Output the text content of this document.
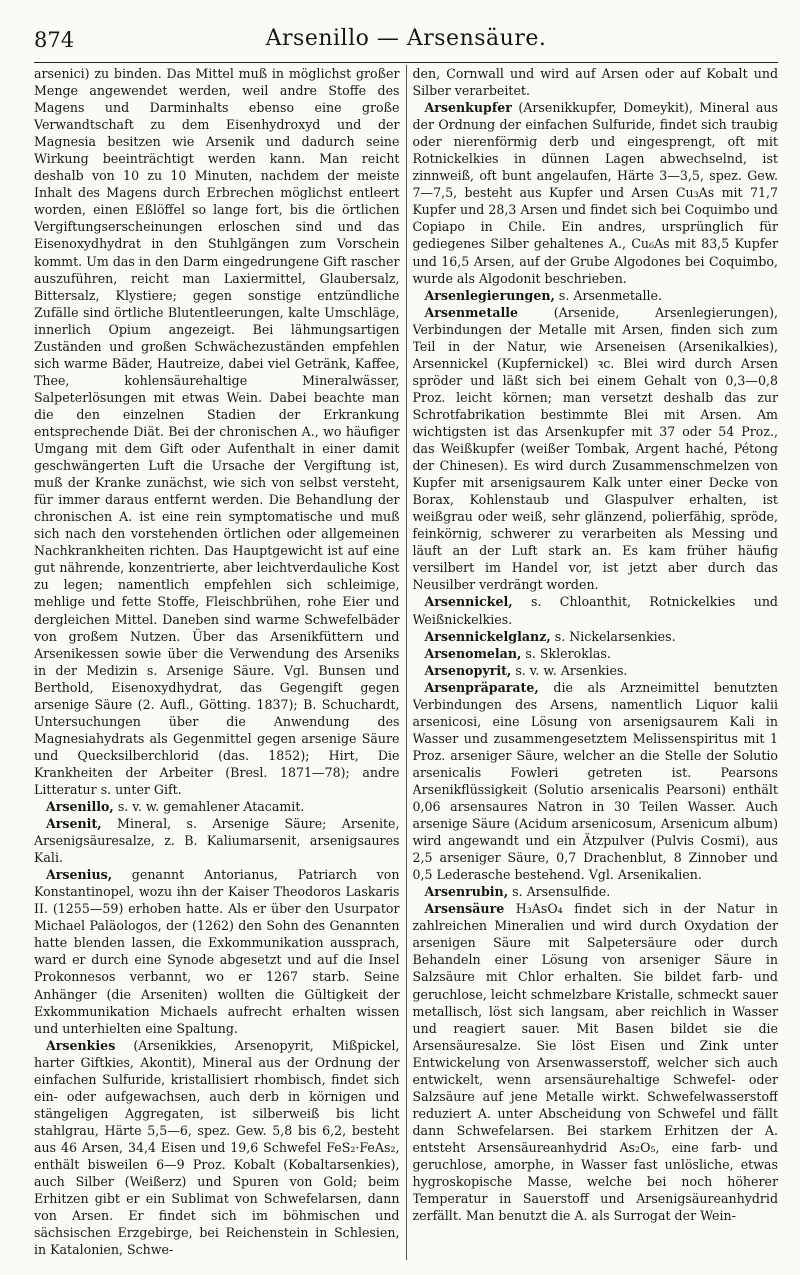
874	Arsenillo — Arsensäure.

arsenici) zu binden. Das Mittel muß in möglichst großer Menge angewendet werden, weil andre Stoffe des Magens und Darminhalts ebenso eine große Verwandtschaft zu dem Eisenhydroxyd und der Magnesia besitzen wie Arsenik und dadurch seine Wirkung beeinträchtigt werden kann. Man reicht deshalb von 10 zu 10 Minuten, nachdem der meiste Inhalt des Magens durch Erbrechen möglichst entleert worden, einen Eßlöffel so lange fort, bis die örtlichen Vergiftungserscheinungen erloschen sind und das Eisenoxydhydrat in den Stuhlgängen zum Vorschein kommt. Um das in den Darm eingedrungene Gift rascher auszuführen, reicht man Laxiermittel, Glaubersalz, Bittersalz, Klystiere; gegen sonstige entzündliche Zufälle sind örtliche Blutentleerungen, kalte Umschläge, innerlich Opium angezeigt. Bei lähmungsartigen Zuständen und großen Schwächezuständen empfehlen sich warme Bäder, Hautreize, dabei viel Getränk, Kaffee, Thee, kohlensäurehaltige Mineralwässer, Salpeterlösungen mit etwas Wein. Dabei beachte man die den einzelnen Stadien der Erkrankung entsprechende Diät. Bei der chronischen A., wo häufiger Umgang mit dem Gift oder Aufenthalt in einer damit geschwängerten Luft die Ursache der Vergiftung ist, muß der Kranke zunächst, wie sich von selbst versteht, für immer daraus entfernt werden. Die Behandlung der chronischen A. ist eine rein symptomatische und muß sich nach den vorstehenden örtlichen oder allgemeinen Nachkrankheiten richten. Das Hauptgewicht ist auf eine gut nährende, konzentrierte, aber leichtverdauliche Kost zu legen; namentlich empfehlen sich schleimige, mehlige und fette Stoffe, Fleischbrühen, rohe Eier und dergleichen Mittel. Daneben sind warme Schwefelbäder von großem Nutzen. Über das Arsenikfüttern und Arsenikessen sowie über die Verwendung des Arseniks in der Medizin s. Arsenige Säure. Vgl. Bunsen und Berthold, Eisenoxydhydrat, das Gegengift gegen arsenige Säure (2. Aufl., Götting. 1837); B. Schuchardt, Untersuchungen über die Anwendung des Magnesiahydrats als Gegenmittel gegen arsenige Säure und Quecksilberchlorid (das. 1852); Hirt, Die Krankheiten der Arbeiter (Bresl. 1871—78); andre Litteratur s. unter Gift.

Arsenillo, s. v. w. gemahlener Atacamit.

Arsenit, Mineral, s. Arsenige Säure; Arsenite, Arsenigsäuresalze, z. B. Kaliumarsenit, arsenigsaures Kali.

Arsenius, genannt Antorianus, Patriarch von Konstantinopel, wozu ihn der Kaiser Theodoros Laskaris II. (1255—59) erhoben hatte. Als er über den Usurpator Michael Paläologos, der (1262) den Sohn des Genannten hatte blenden lassen, die Exkommunikation aussprach, ward er durch eine Synode abgesetzt und auf die Insel Prokonnesos verbannt, wo er 1267 starb. Seine Anhänger (die Arseniten) wollten die Gültigkeit der Exkommunikation Michaels aufrecht erhalten wissen und unterhielten eine Spaltung.

Arsenkies (Arsenikkies, Arsenopyrit, Mißpickel, harter Giftkies, Akontit), Mineral aus der Ordnung der einfachen Sulfuride, kristallisiert rhombisch, findet sich ein- oder aufgewachsen, auch derb in körnigen und stängeligen Aggregaten, ist silberweiß bis licht stahlgrau, Härte 5,5—6, spez. Gew. 5,8 bis 6,2, besteht aus 46 Arsen, 34,4 Eisen und 19,6 Schwefel FeS₂·FeAs₂, enthält bisweilen 6—9 Proz. Kobalt (Kobaltarsenkies), auch Silber (Weißerz) und Spuren von Gold; beim Erhitzen gibt er ein Sublimat von Schwefelarsen, dann von Arsen. Er findet sich im böhmischen und sächsischen Erzgebirge, bei Reichenstein in Schlesien, in Katalonien, Schwe-

den, Cornwall und wird auf Arsen oder auf Kobalt und Silber verarbeitet.

Arsenkupfer (Arsenikkupfer, Domeykit), Mineral aus der Ordnung der einfachen Sulfuride, findet sich traubig oder nierenförmig derb und eingesprengt, oft mit Rotnickelkies in dünnen Lagen abwechselnd, ist zinnweiß, oft bunt angelaufen, Härte 3—3,5, spez. Gew. 7—7,5, besteht aus Kupfer und Arsen Cu₃As mit 71,7 Kupfer und 28,3 Arsen und findet sich bei Coquimbo und Copiapo in Chile. Ein andres, ursprünglich für gediegenes Silber gehaltenes A., Cu₆As mit 83,5 Kupfer und 16,5 Arsen, auf der Grube Algodones bei Coquimbo, wurde als Algodonit beschrieben.

Arsenlegierungen, s. Arsenmetalle.

Arsenmetalle (Arsenide, Arsenlegierungen), Verbindungen der Metalle mit Arsen, finden sich zum Teil in der Natur, wie Arseneisen (Arsenikalkies), Arsennickel (Kupfernickel) ꝛc. Blei wird durch Arsen spröder und läßt sich bei einem Gehalt von 0,3—0,8 Proz. leicht körnen; man versetzt deshalb das zur Schrotfabrikation bestimmte Blei mit Arsen. Am wichtigsten ist das Arsenkupfer mit 37 oder 54 Proz., das Weißkupfer (weißer Tombak, Argent haché, Pétong der Chinesen). Es wird durch Zusammenschmelzen von Kupfer mit arsenigsaurem Kalk unter einer Decke von Borax, Kohlenstaub und Glaspulver erhalten, ist weißgrau oder weiß, sehr glänzend, polierfähig, spröde, feinkörnig, schwerer zu verarbeiten als Messing und läuft an der Luft stark an. Es kam früher häufig versilbert im Handel vor, ist jetzt aber durch das Neusilber verdrängt worden.

Arsennickel, s. Chloanthit, Rotnickelkies und Weißnickelkies.

Arsennickelglanz, s. Nickelarsenkies.

Arsenomelan, s. Skleroklas.

Arsenopyrit, s. v. w. Arsenkies.

Arsenpräparate, die als Arzneimittel benutzten Verbindungen des Arsens, namentlich Liquor kalii arsenicosi, eine Lösung von arsenigsaurem Kali in Wasser und zusammengesetztem Melissenspiritus mit 1 Proz. arseniger Säure, welcher an die Stelle der Solutio arsenicalis Fowleri getreten ist. Pearsons Arsenikflüssigkeit (Solutio arsenicalis Pearsoni) enthält 0,06 arsensaures Natron in 30 Teilen Wasser. Auch arsenige Säure (Acidum arsenicosum, Arsenicum album) wird angewandt und ein Ätzpulver (Pulvis Cosmi), aus 2,5 arseniger Säure, 0,7 Drachenblut, 8 Zinnober und 0,5 Lederasche bestehend. Vgl. Arsenikalien.

Arsenrubin, s. Arsensulfide.

Arsensäure H₃AsO₄ findet sich in der Natur in zahlreichen Mineralien und wird durch Oxydation der arsenigen Säure mit Salpetersäure oder durch Behandeln einer Lösung von arseniger Säure in Salzsäure mit Chlor erhalten. Sie bildet farb- und geruchlose, leicht schmelzbare Kristalle, schmeckt sauer metallisch, löst sich langsam, aber reichlich in Wasser und reagiert sauer. Mit Basen bildet sie die Arsensäuresalze. Sie löst Eisen und Zink unter Entwickelung von Arsenwasserstoff, welcher sich auch entwickelt, wenn arsensäurehaltige Schwefel- oder Salzsäure auf jene Metalle wirkt. Schwefelwasserstoff reduziert A. unter Abscheidung von Schwefel und fällt dann Schwefelarsen. Bei starkem Erhitzen der A. entsteht Arsensäureanhydrid As₂O₅, eine farb- und geruchlose, amorphe, in Wasser fast unlösliche, etwas hygroskopische Masse, welche bei noch höherer Temperatur in Sauerstoff und Arsenigsäureanhydrid zerfällt. Man benutzt die A. als Surrogat der Wein-
